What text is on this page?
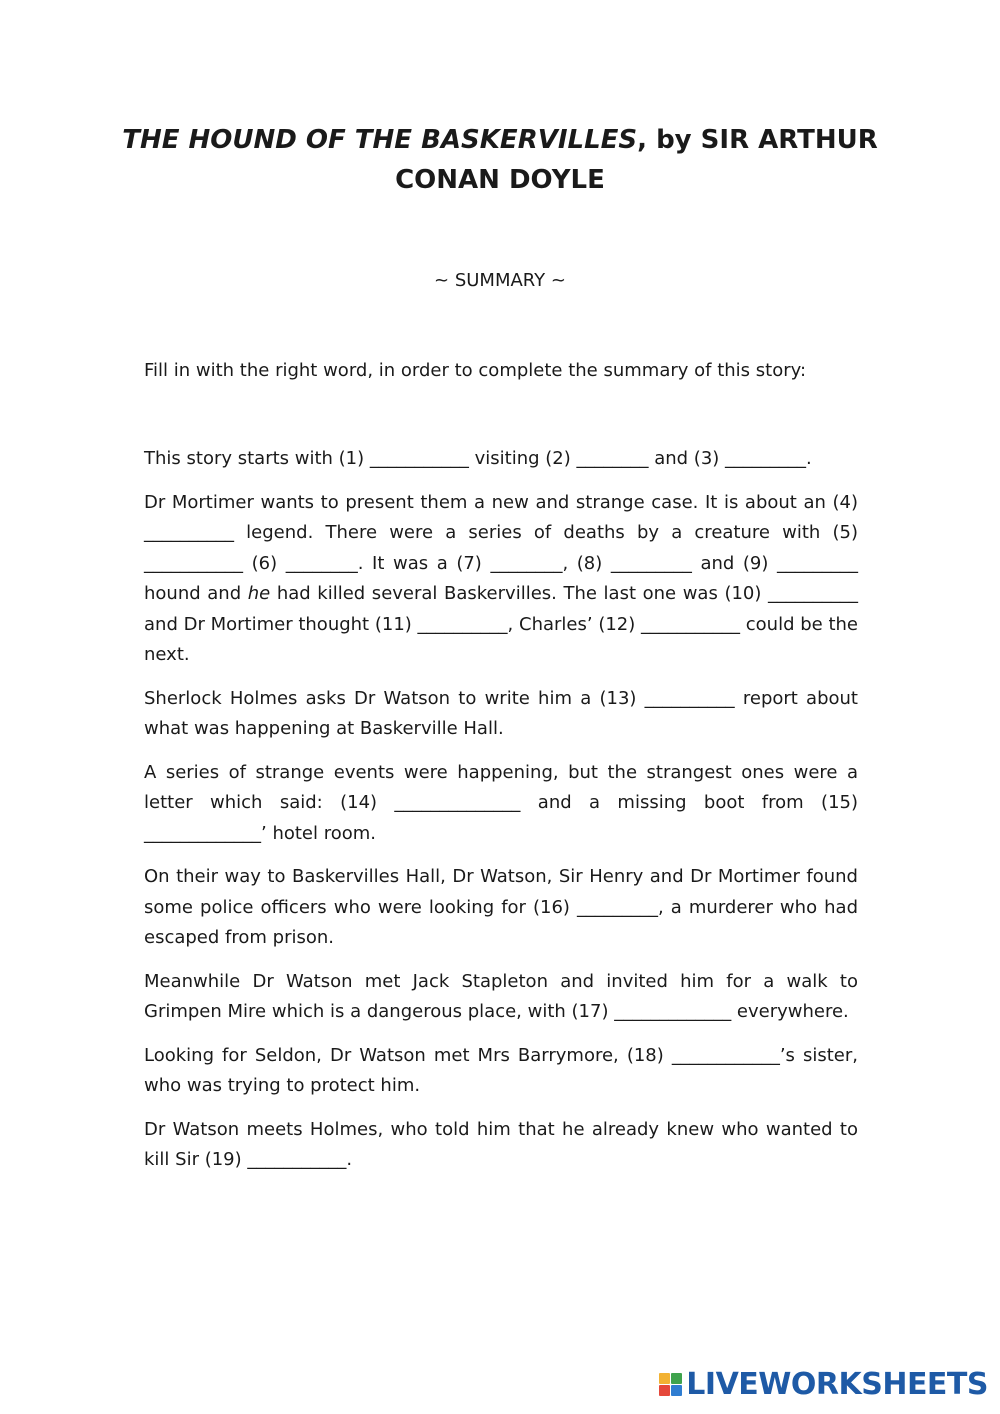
THE HOUND OF THE BASKERVILLES, by SIR ARTHUR CONAN DOYLE
~ SUMMARY ~
Fill in with the right word, in order to complete the summary of this story:

This story starts with (1) ___________ visiting (2) ________ and (3) _________.

Dr Mortimer wants to present them a new and strange case. It is about an (4) __________ legend. There were a series of deaths by a creature with (5) ___________ (6) ________. It was a (7) ________, (8) _________ and (9) _________ hound and he had killed several Baskervilles. The last one was (10) __________ and Dr Mortimer thought (11) __________, Charles’ (12) ___________ could be the next.

Sherlock Holmes asks Dr Watson to write him a (13) __________ report about what was happening at Baskerville Hall.

A series of strange events were happening, but the strangest ones were a letter which said: (14) ______________ and a missing boot from (15) _____________’ hotel room.

On their way to Baskervilles Hall, Dr Watson, Sir Henry and Dr Mortimer found some police officers who were looking for (16) _________, a murderer who had escaped from prison.

Meanwhile Dr Watson met Jack Stapleton and invited him for a walk to Grimpen Mire which is a dangerous place, with (17) _____________ everywhere.

Looking for Seldon, Dr Watson met Mrs Barrymore, (18) ____________’s sister, who was trying to protect him.

Dr Watson meets Holmes, who told him that he already knew who wanted to kill Sir (19) ___________.

LIVEWORKSHEETS
